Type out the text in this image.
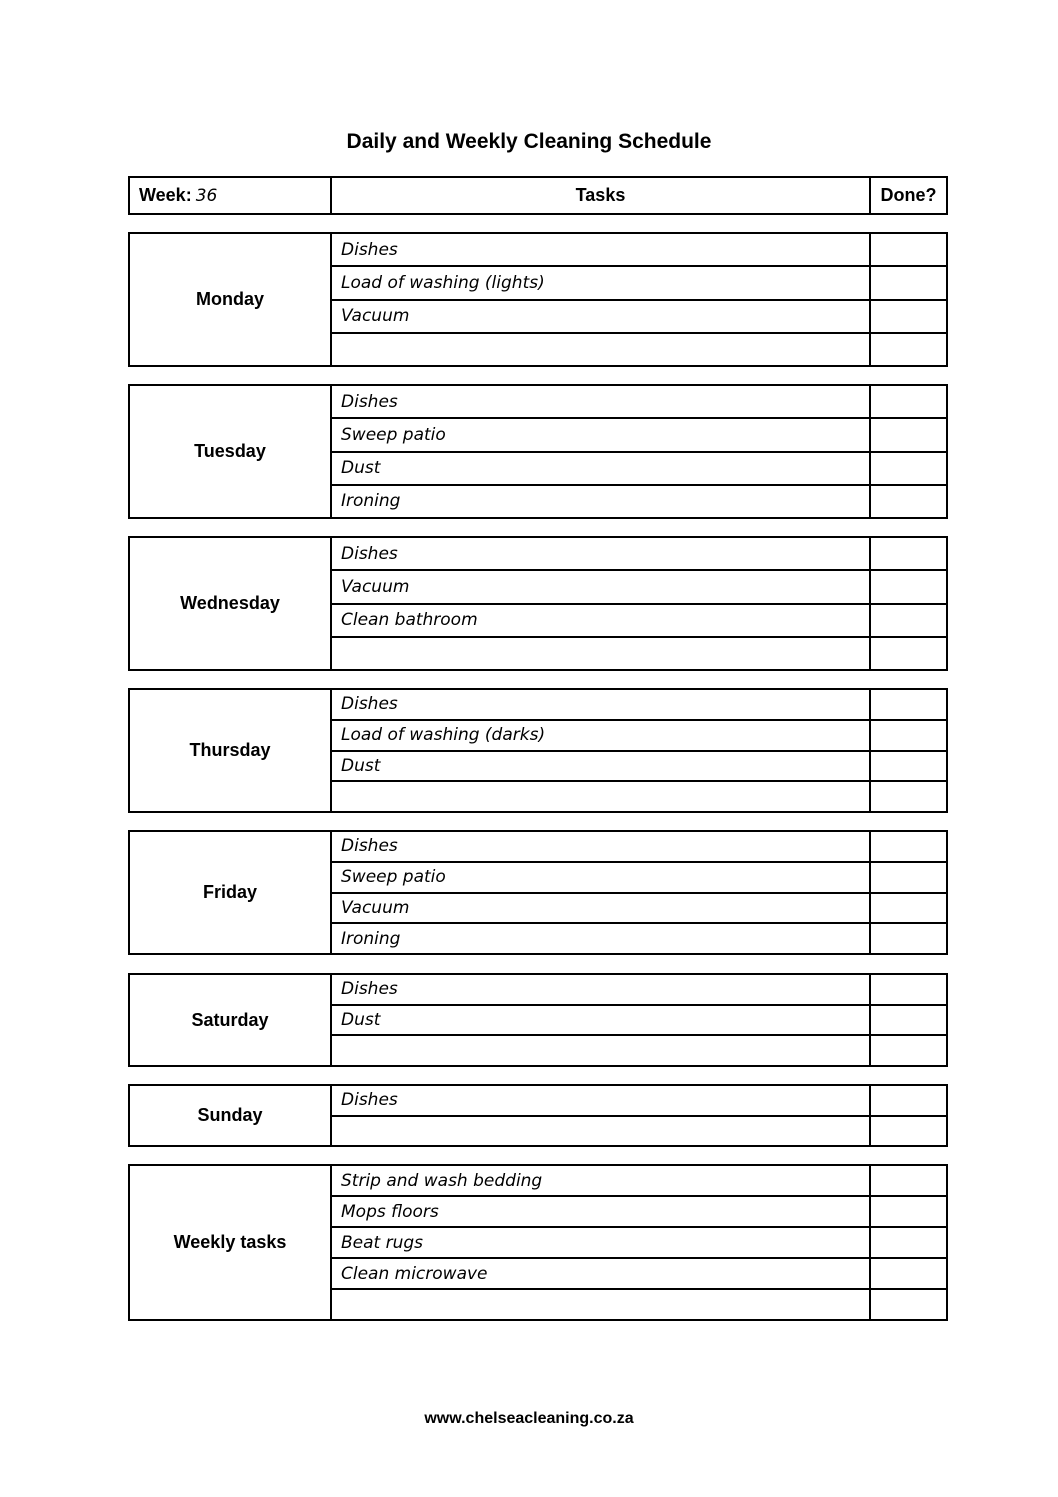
Daily and Weekly Cleaning Schedule
Week: 36	Tasks	Done?
Monday
Dishes
Load of washing (lights)
Vacuum
Tuesday
Dishes
Sweep patio
Dust
Ironing
Wednesday
Dishes
Vacuum
Clean bathroom
Thursday
Dishes
Load of washing (darks)
Dust
Friday
Dishes
Sweep patio
Vacuum
Ironing
Saturday
Dishes
Dust
Sunday
Dishes
Weekly tasks
Strip and wash bedding
Mops floors
Beat rugs
Clean microwave
www.chelseacleaning.co.za
